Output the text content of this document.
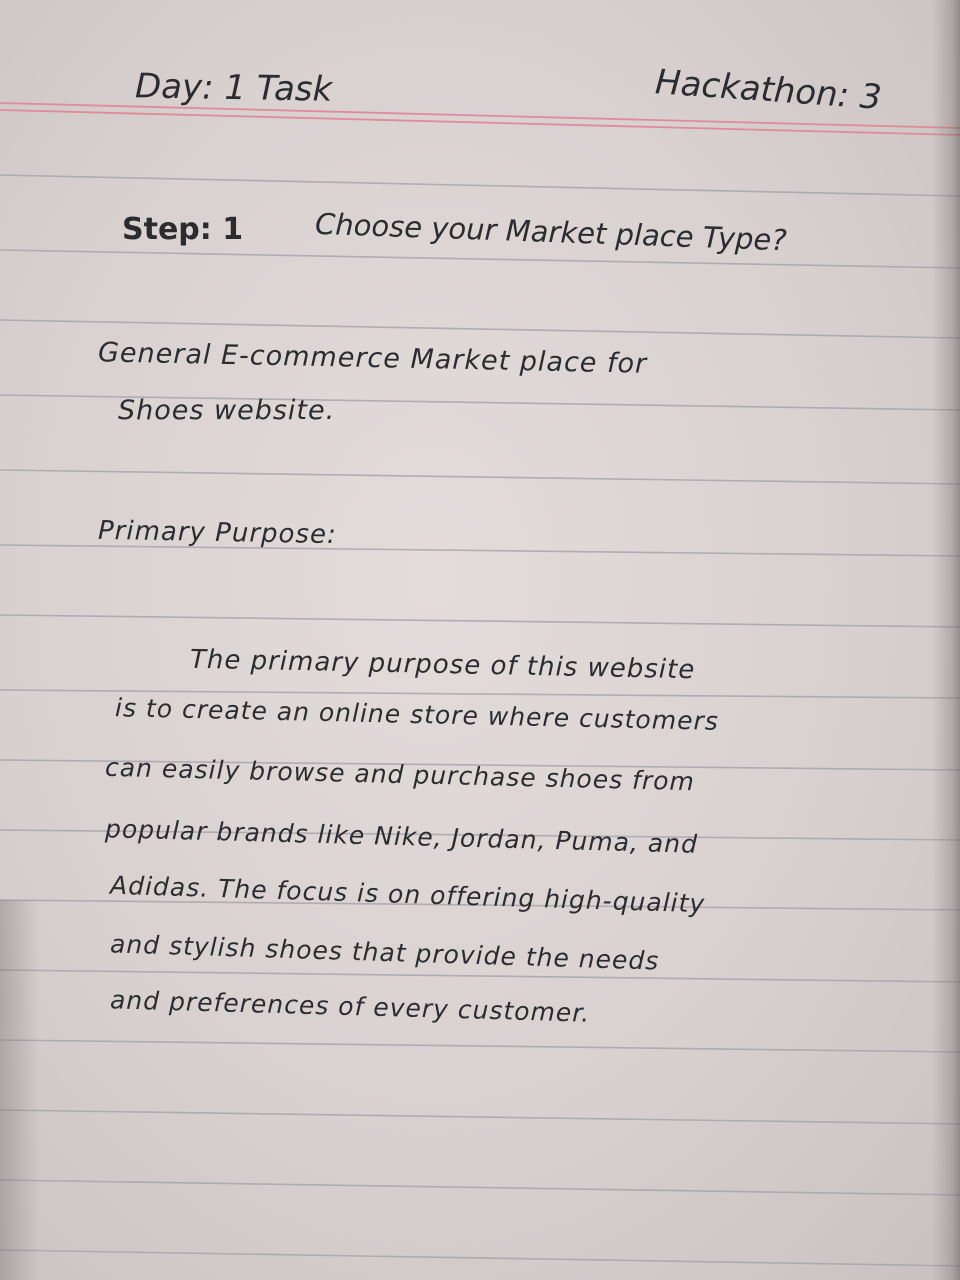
Day: 1 Task	Hackathon: 3

Step: 1 Choose your Market place Type?

General E-commerce Market place for

Shoes website.

Primary Purpose:

The primary purpose of this website

is to create an online store where customers

can easily browse and purchase shoes from

popular brands like Nike, Jordan, Puma, and

Adidas. The focus is on offering high-quality

and stylish shoes that provide the needs

and preferences of every customer.
